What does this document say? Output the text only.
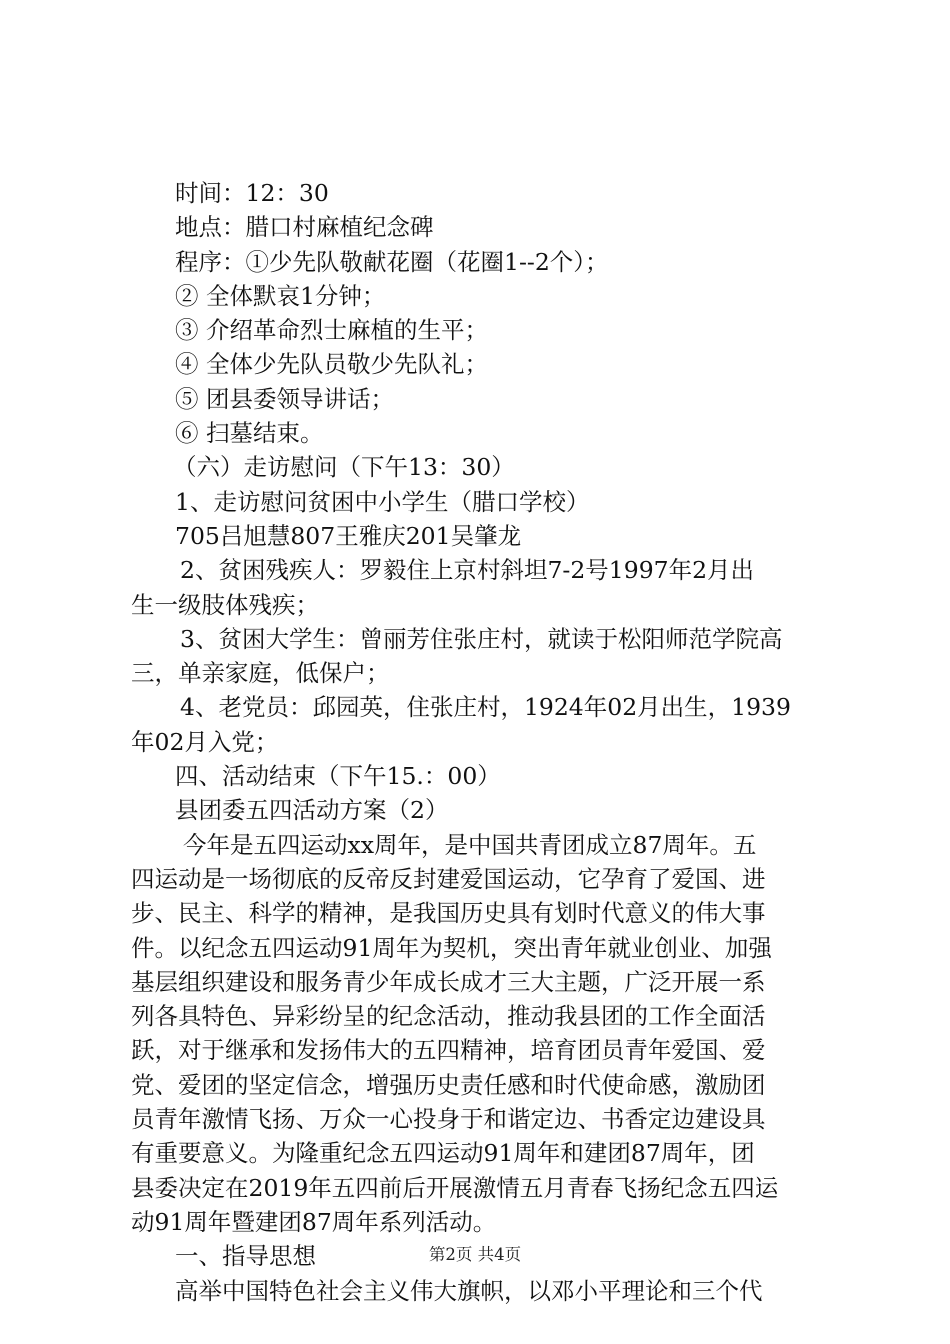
时间：12：30
地点：腊口村麻植纪念碑
程序：①少先队敬献花圈（花圈1--2个）；
② 全体默哀1分钟；
③ 介绍革命烈士麻植的生平；
④ 全体少先队员敬少先队礼；
⑤ 团县委领导讲话；
⑥ 扫墓结束。
（六）走访慰问（下午13：30）
1、走访慰问贫困中小学生（腊口学校）
705吕旭慧807王雅庆201吴肇龙
2、贫困残疾人：罗毅住上京村斜坦7-2号1997年2月出
生一级肢体残疾；
3、贫困大学生：曾丽芳住张庄村，就读于松阳师范学院高
三，单亲家庭，低保户；
4、老党员：邱园英，住张庄村，1924年02月出生，1939
年02月入党；
四、活动结束（下午15.：00）
县团委五四活动方案（2）
今年是五四运动xx周年，是中国共青团成立87周年。五
四运动是一场彻底的反帝反封建爱国运动，它孕育了爱国、进
步、民主、科学的精神，是我国历史具有划时代意义的伟大事
件。以纪念五四运动91周年为契机，突出青年就业创业、加强
基层组织建设和服务青少年成长成才三大主题，广泛开展一系
列各具特色、异彩纷呈的纪念活动，推动我县团的工作全面活
跃，对于继承和发扬伟大的五四精神，培育团员青年爱国、爱
党、爱团的坚定信念，增强历史责任感和时代使命感，激励团
员青年激情飞扬、万众一心投身于和谐定边、书香定边建设具
有重要意义。为隆重纪念五四运动91周年和建团87周年，团
县委决定在2019年五四前后开展激情五月青春飞扬纪念五四运
动91周年暨建团87周年系列活动。
一、指导思想
高举中国特色社会主义伟大旗帜，以邓小平理论和三个代
第2页 共4页
